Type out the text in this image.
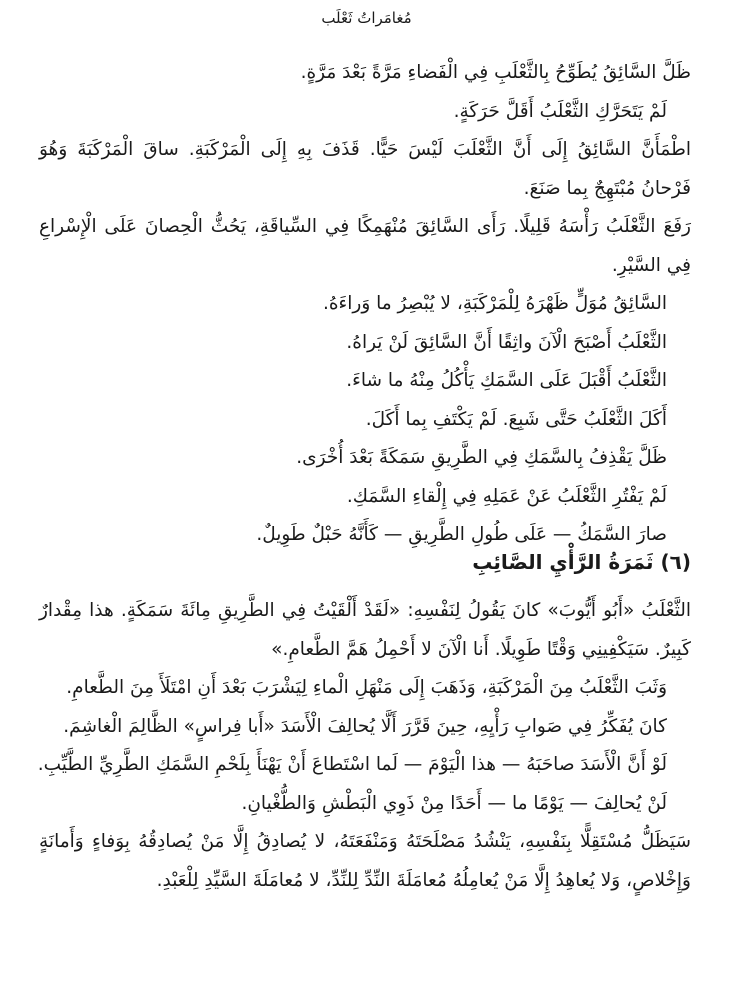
مُغامَراتُ ثَعْلَب

ظَلَّ السَّائِقُ يُطَوِّحُ بِالثَّعْلَبِ فِي الْفَضاءِ مَرَّةً بَعْدَ مَرَّةٍ.

لَمْ يَتَحَرَّكِ الثَّعْلَبُ أَقَلَّ حَرَكَةٍ.

اطْمَأَنَّ السَّائِقُ إِلَى أَنَّ الثَّعْلَبَ لَيْسَ حَيًّا. قَذَفَ بِهِ إِلَى الْمَرْكَبَةِ. ساقَ الْمَرْكَبَةَ وَهُوَ فَرْحانُ مُبْتَهِجٌ بِما صَنَعَ.

رَفَعَ الثَّعْلَبُ رَأْسَهُ قَلِيلًا. رَأَى السَّائِقَ مُنْهَمِكًا فِي السِّياقَةِ، يَحُثُّ الْحِصانَ عَلَى الْإِسْراعِ فِي السَّيْرِ.

السَّائِقُ مُوَلٍّ ظَهْرَهُ لِلْمَرْكَبَةِ، لا يُبْصِرُ ما وَراءَهُ.

الثَّعْلَبُ أَصْبَحَ الْآنَ واثِقًا أَنَّ السَّائِقَ لَنْ يَراهُ.

الثَّعْلَبُ أَقْبَلَ عَلَى السَّمَكِ يَأْكُلُ مِنْهُ ما شاءَ.

أَكَلَ الثَّعْلَبُ حَتَّى شَبِعَ. لَمْ يَكْتَفِ بِما أَكَلَ.

ظَلَّ يَقْذِفُ بِالسَّمَكِ فِي الطَّرِيقِ سَمَكَةً بَعْدَ أُخْرَى.

لَمْ يَفْتُرِ الثَّعْلَبُ عَنْ عَمَلِهِ فِي إِلْقاءِ السَّمَكِ.

صارَ السَّمَكُ — عَلَى طُولِ الطَّرِيقِ — كَأَنَّهُ حَبْلٌ طَوِيلٌ.

(٦) ثَمَرَةُ الرَّأْيِ الصَّائِبِ

الثَّعْلَبُ «أَبُو أَيُّوبَ» كانَ يَقُولُ لِنَفْسِهِ: «لَقَدْ أَلْقَيْتُ فِي الطَّرِيقِ مِائَةَ سَمَكَةٍ. هذا مِقْدارٌ كَبِيرٌ. سَيَكْفِينِي وَقْتًا طَوِيلًا. أَنا الْآنَ لا أَحْمِلُ هَمَّ الطَّعامِ.»

وَثَبَ الثَّعْلَبُ مِنَ الْمَرْكَبَةِ، وَذَهَبَ إِلَى مَنْهَلِ الْماءِ لِيَشْرَبَ بَعْدَ أَنِ امْتَلَأَ مِنَ الطَّعامِ.

كانَ يُفَكِّرُ فِي صَوابِ رَأْيِهِ، حِينَ قَرَّرَ أَلَّا يُحالِفَ الْأَسَدَ «أَبا فِراسٍ» الظَّالِمَ الْغاشِمَ.

لَوْ أَنَّ الْأَسَدَ صاحَبَهُ — هذا الْيَوْمَ — لَما اسْتَطاعَ أَنْ يَهْنَأَ بِلَحْمِ السَّمَكِ الطَّرِيِّ الطَّيِّبِ.

لَنْ يُحالِفَ — يَوْمًا ما — أَحَدًا مِنْ ذَوِي الْبَطْشِ وَالطُّغْيانِ.

سَيَظَلُّ مُسْتَقِلًّا بِنَفْسِهِ، يَنْشُدُ مَصْلَحَتَهُ وَمَنْفَعَتَهُ، لا يُصادِقُ إِلَّا مَنْ يُصادِقُهُ بِوَفاءٍ وَأَمانَةٍ وَإِخْلاصٍ، وَلا يُعاهِدُ إِلَّا مَنْ يُعامِلُهُ مُعامَلَةَ النِّدِّ لِلنِّدِّ، لا مُعامَلَةَ السَّيِّدِ لِلْعَبْدِ.
